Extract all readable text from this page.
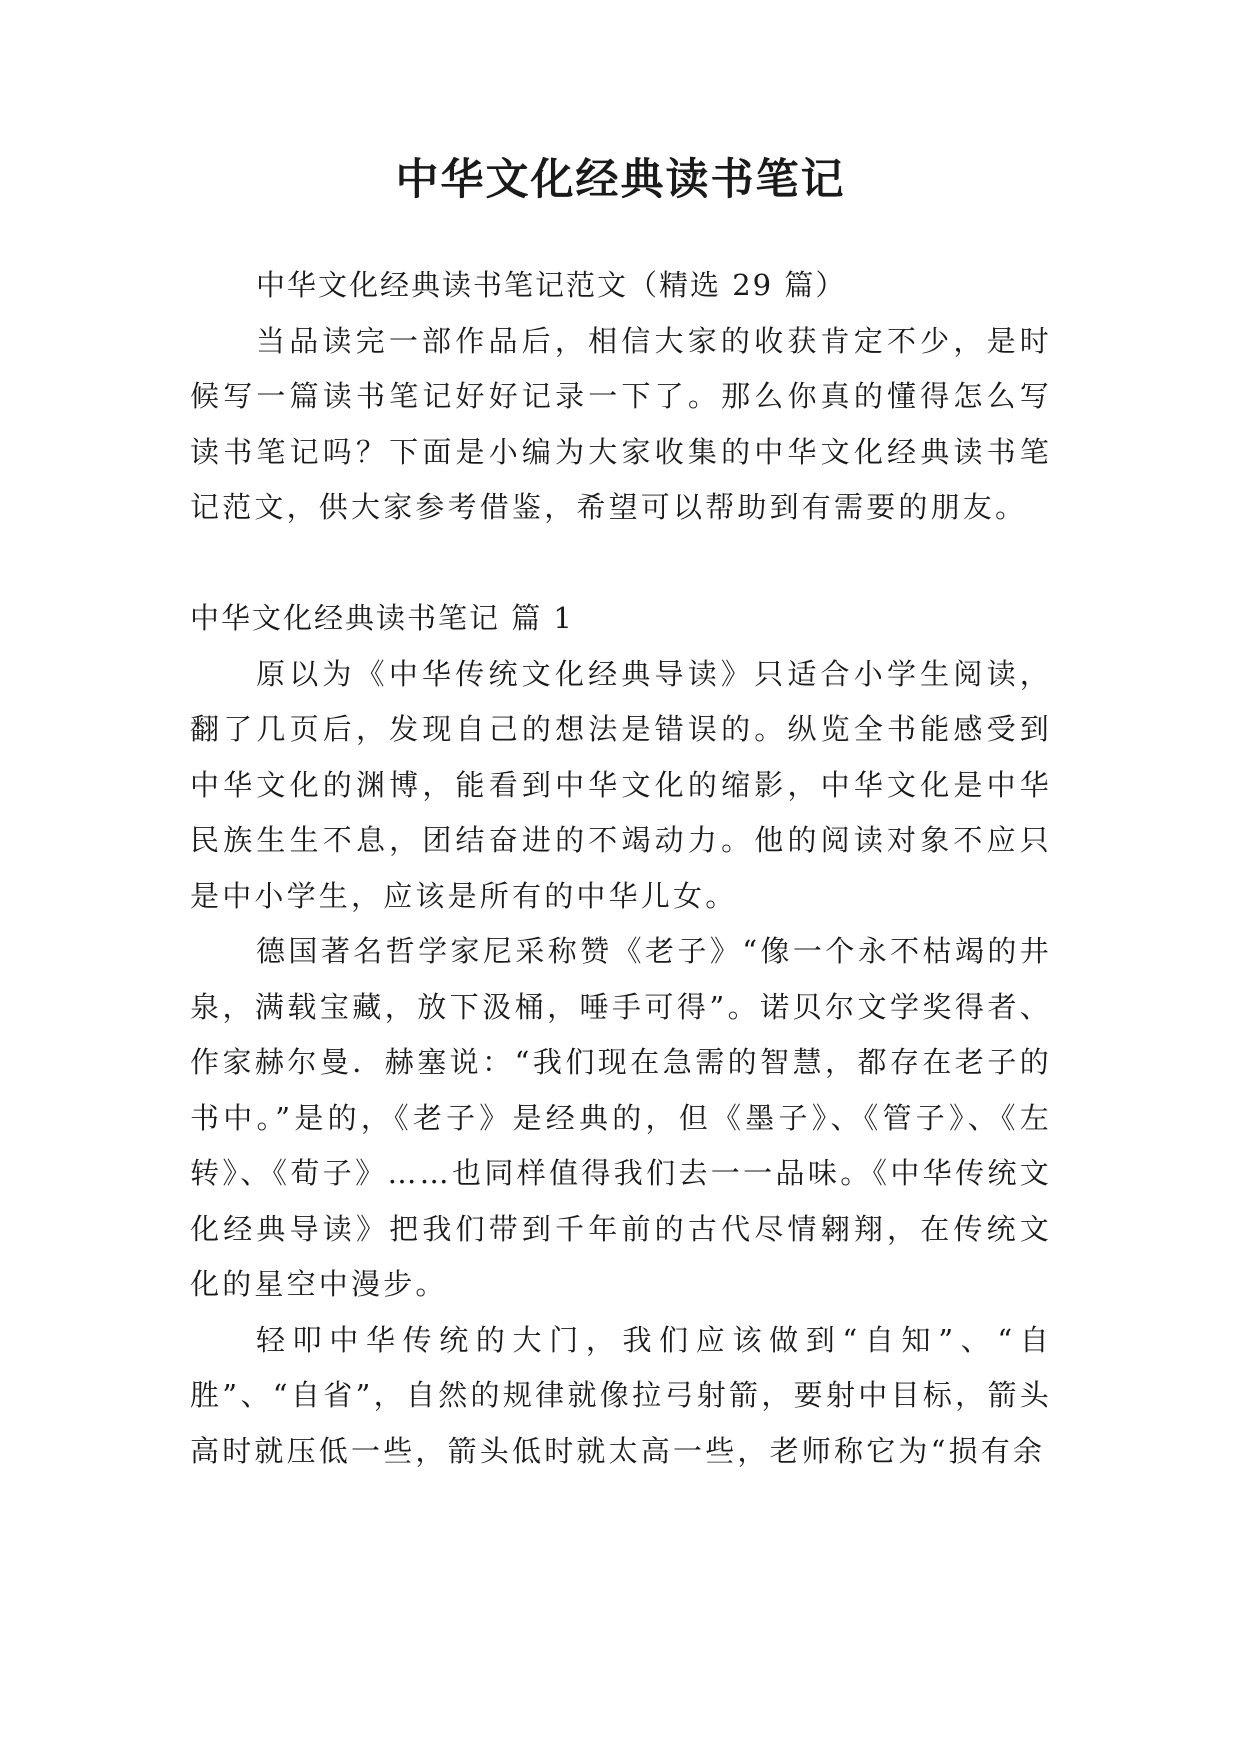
中华文化经典读书笔记

中华文化经典读书笔记范文（精选 29 篇）

当品读完一部作品后，相信大家的收获肯定不少，是时候写一篇读书笔记好好记录一下了。那么你真的懂得怎么写读书笔记吗？下面是小编为大家收集的中华文化经典读书笔记范文，供大家参考借鉴，希望可以帮助到有需要的朋友。

中华文化经典读书笔记 篇 1

原以为《中华传统文化经典导读》只适合小学生阅读，翻了几页后，发现自己的想法是错误的。纵览全书能感受到中华文化的渊博，能看到中华文化的缩影，中华文化是中华民族生生不息，团结奋进的不竭动力。他的阅读对象不应只是中小学生，应该是所有的中华儿女。

德国著名哲学家尼采称赞《老子》“像一个永不枯竭的井泉，满载宝藏，放下汲桶，唾手可得”。诺贝尔文学奖得者、作家赫尔曼．赫塞说：“我们现在急需的智慧，都存在老子的书中。”是的，《老子》是经典的，但《墨子》、《管子》、《左转》、《荀子》……也同样值得我们去一一品味。《中华传统文化经典导读》把我们带到千年前的古代尽情翱翔，在传统文化的星空中漫步。

轻叩中华传统的大门，我们应该做到“自知”、“自胜”、“自省”，自然的规律就像拉弓射箭，要射中目标，箭头高时就压低一些，箭头低时就太高一些，老师称它为“损有余
